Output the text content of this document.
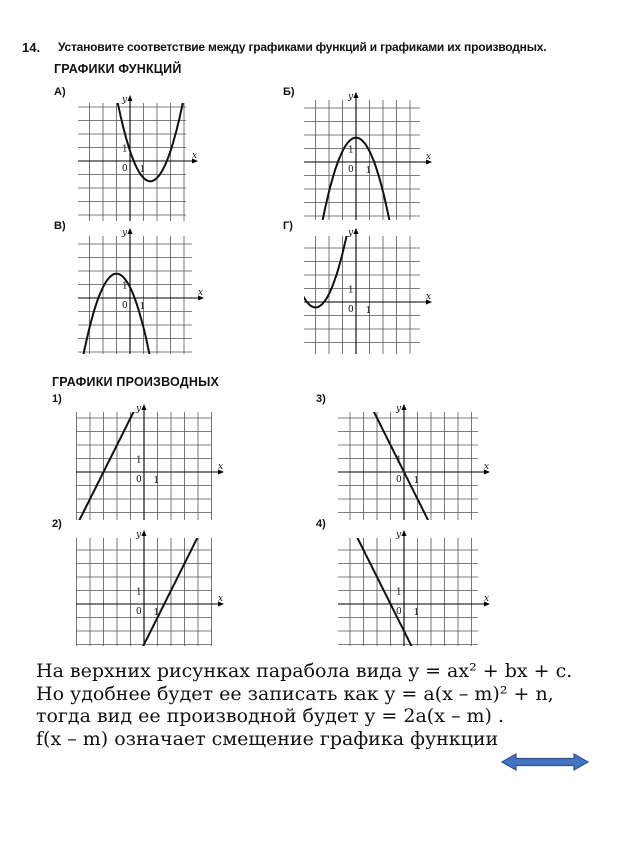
14. Установите соответствие между графиками функций и графиками их производных.
ГРАФИКИ ФУНКЦИЙ
ГРАФИКИ ПРОИЗВОДНЫХ
А)
x
y
0 1
1
Б)
x
y
0 1
1
В)
x
y
0 1
1
Г)
x
y
0 1
1
1)
x
y
0 1
1
3)
x
y
0 1
1
2)
x
y
0 1
1
4)
x
y
0 1
1
На верхних рисунках парабола вида y = ax² + bx + c.
Но удобнее будет ее записать как y = a(x – m)² + n, тогда вид ее производной будет y = 2a(x – m) .
f(x – m) означает смещение графика функции
